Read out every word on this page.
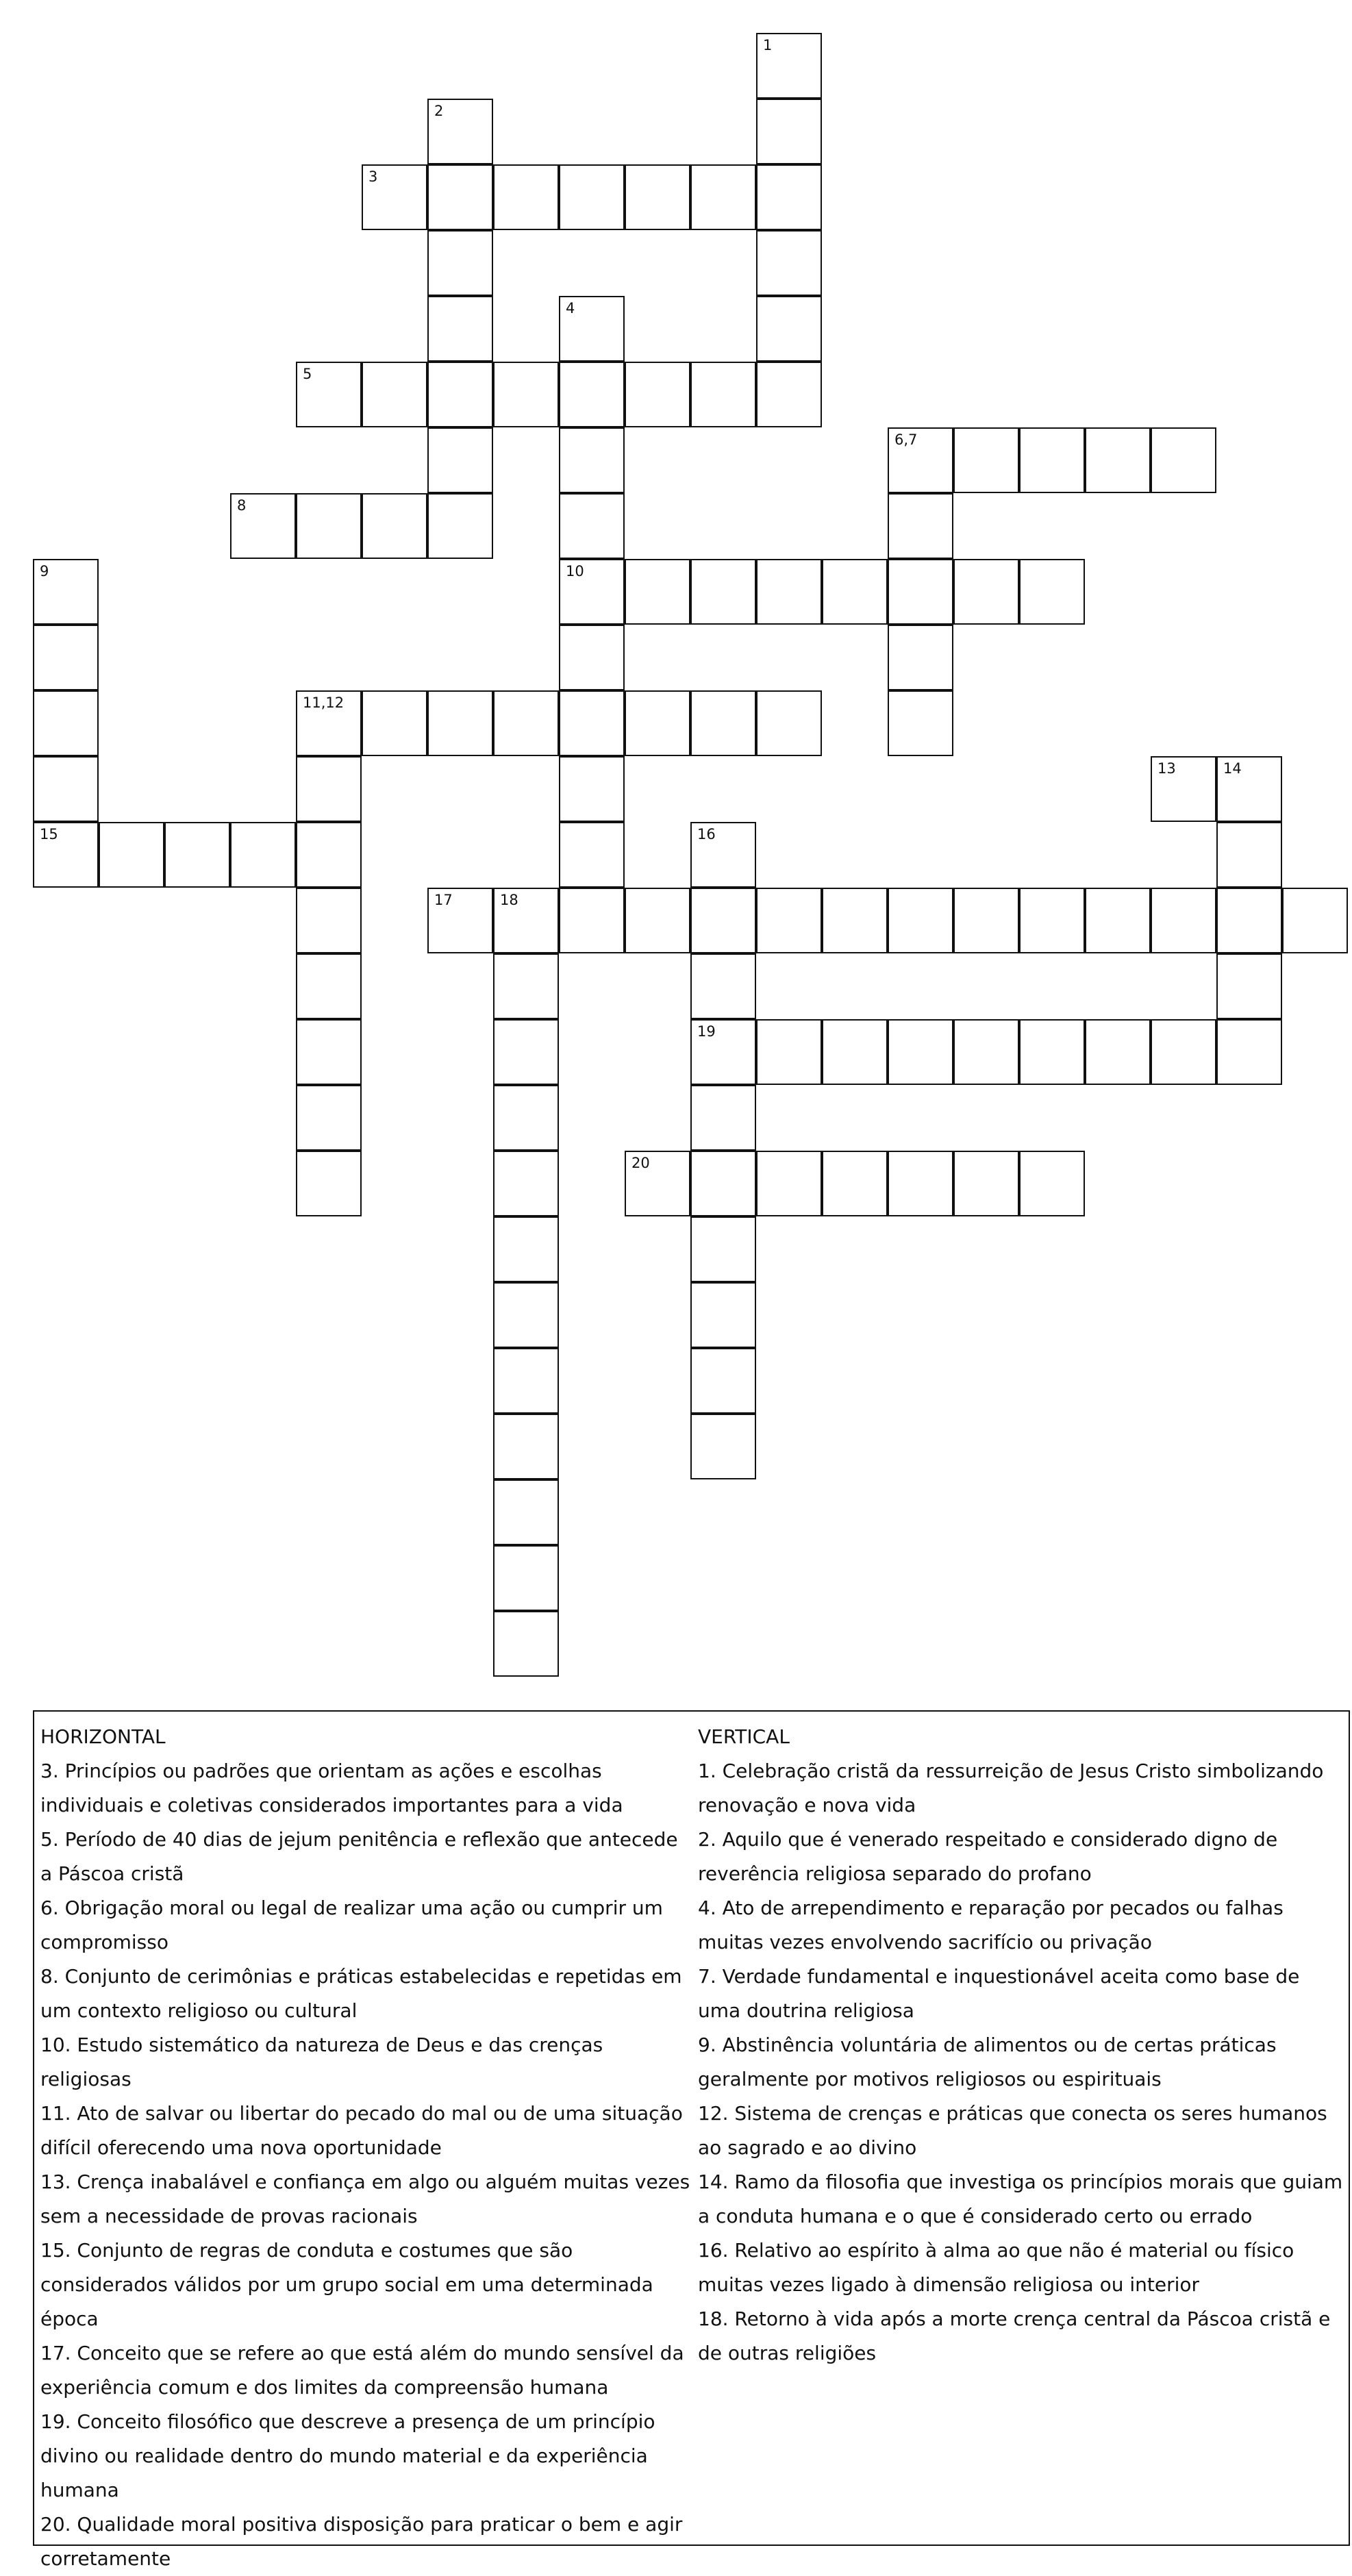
1
2
3
4
10
5
6,7
8
9
15
11,12
13	14
16
19
17	18
20
HORIZONTAL
3. Princípios ou padrões que orientam as ações e escolhas individuais e coletivas considerados importantes para a vida
5. Período de 40 dias de jejum penitência e reflexão que antecede a Páscoa cristã
6. Obrigação moral ou legal de realizar uma ação ou cumprir um compromisso
8. Conjunto de cerimônias e práticas estabelecidas e repetidas em um contexto religioso ou cultural
10. Estudo sistemático da natureza de Deus e das crenças religiosas
11. Ato de salvar ou libertar do pecado do mal ou de uma situação difícil oferecendo uma nova oportunidade
13. Crença inabalável e confiança em algo ou alguém muitas vezes sem a necessidade de provas racionais
15. Conjunto de regras de conduta e costumes que são considerados válidos por um grupo social em uma determinada época
17. Conceito que se refere ao que está além do mundo sensível da experiência comum e dos limites da compreensão humana
19. Conceito filosófico que descreve a presença de um princípio divino ou realidade dentro do mundo material e da experiência humana
20. Qualidade moral positiva disposição para praticar o bem e agir corretamente
VERTICAL
1. Celebração cristã da ressurreição de Jesus Cristo simbolizando renovação e nova vida
2. Aquilo que é venerado respeitado e considerado digno de reverência religiosa separado do profano
4. Ato de arrependimento e reparação por pecados ou falhas muitas vezes envolvendo sacrifício ou privação
7. Verdade fundamental e inquestionável aceita como base de uma doutrina religiosa
9. Abstinência voluntária de alimentos ou de certas práticas geralmente por motivos religiosos ou espirituais
12. Sistema de crenças e práticas que conecta os seres humanos ao sagrado e ao divino
14. Ramo da filosofia que investiga os princípios morais que guiam a conduta humana e o que é considerado certo ou errado
16. Relativo ao espírito à alma ao que não é material ou físico muitas vezes ligado à dimensão religiosa ou interior
18. Retorno à vida após a morte crença central da Páscoa cristã e de outras religiões
